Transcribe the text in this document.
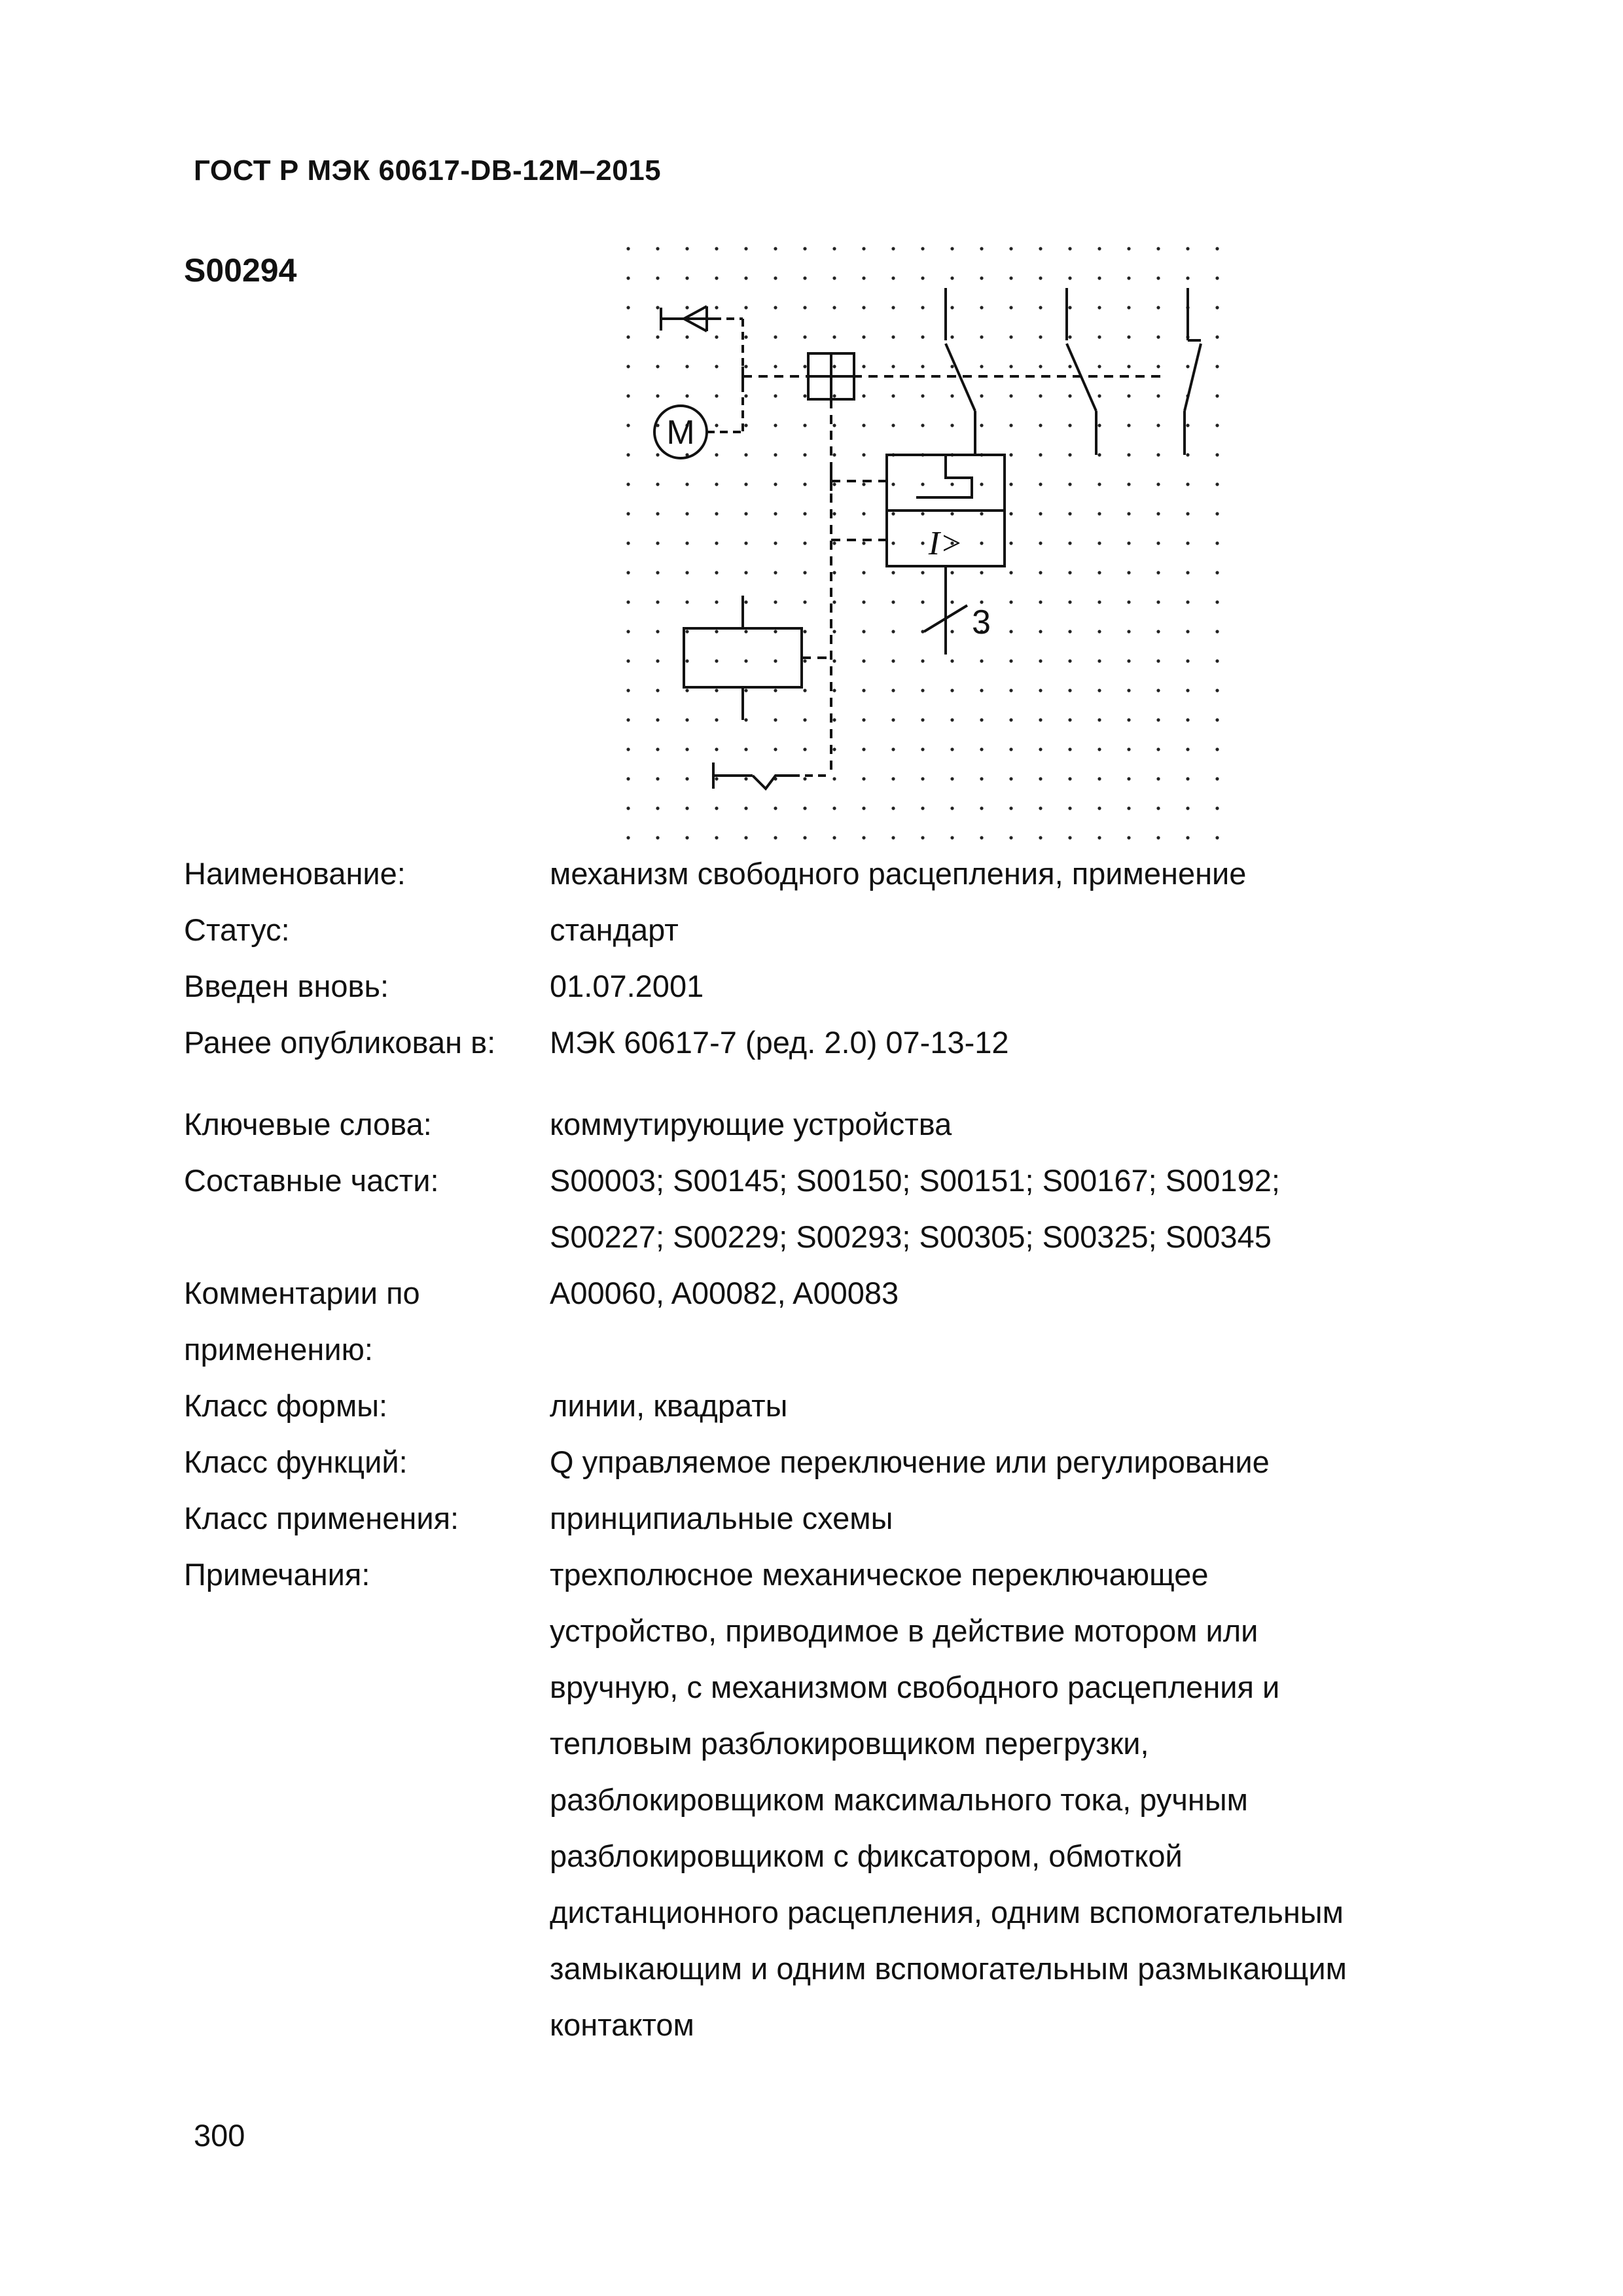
ГОСТ Р МЭК 60617-DB-12M–2015
S00294
M
I>
3
Наименование:	механизм свободного расцепления, применение
Статус:	стандарт
Введен вновь:	01.07.2001
Ранее опубликован в: МЭК 60617-7 (ред. 2.0) 07-13-12
Ключевые слова:	коммутирующие устройства
Составные части:	S00003; S00145; S00150; S00151; S00167; S00192;
S00227; S00229; S00293; S00305; S00325; S00345
Комментарии по	A00060, A00082, A00083
применению:
Класс формы:	линии, квадраты
Класс функций:	Q управляемое переключение или регулирование
Класс применения:	принципиальные схемы
Примечания:	трехполюсное механическое переключающее
устройство, приводимое в действие мотором или
вручную, с механизмом свободного расцепления и
тепловым разблокировщиком перегрузки,
разблокировщиком максимального тока, ручным
разблокировщиком с фиксатором, обмоткой
дистанционного расцепления, одним вспомогательным
замыкающим и одним вспомогательным размыкающим
контактом
300
